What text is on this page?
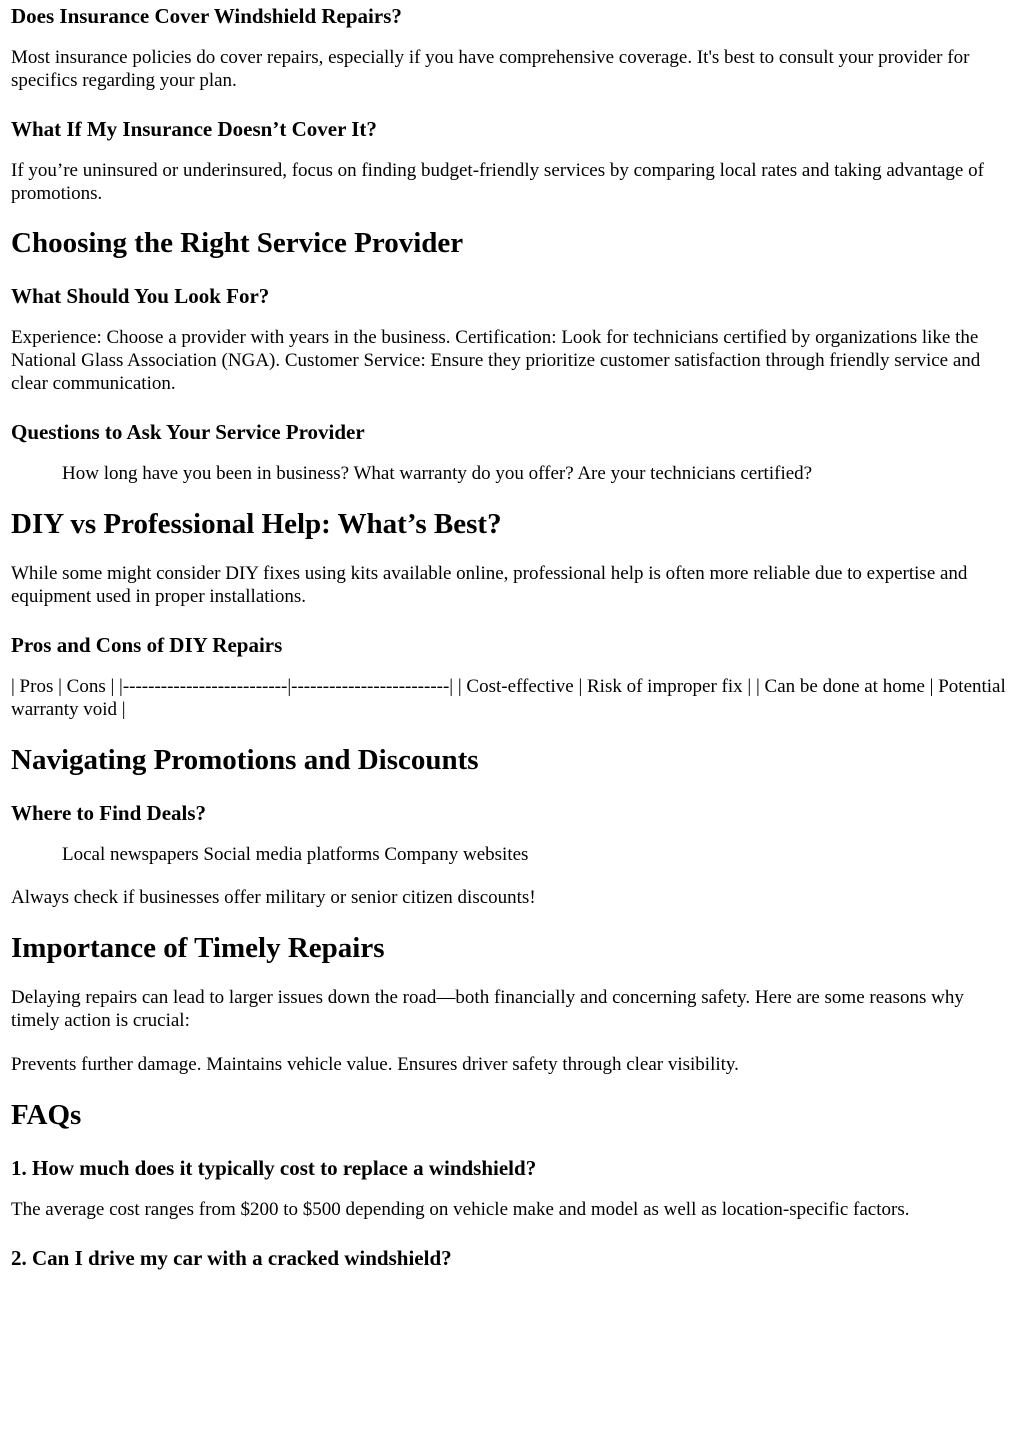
Does Insurance Cover Windshield Repairs?

Most insurance policies do cover repairs, especially if you have comprehensive coverage. It's best to consult your provider for specifics regarding your plan.

What If My Insurance Doesn’t Cover It?

If you’re uninsured or underinsured, focus on finding budget-friendly services by comparing local rates and taking advantage of promotions.

Choosing the Right Service Provider
What Should You Look For?

Experience: Choose a provider with years in the business. Certification: Look for technicians certified by organizations like the National Glass Association (NGA). Customer Service: Ensure they prioritize customer satisfaction through friendly service and clear communication.

Questions to Ask Your Service Provider
How long have you been in business? What warranty do you offer? Are your technicians certified?
DIY vs Professional Help: What’s Best?

While some might consider DIY fixes using kits available online, professional help is often more reliable due to expertise and equipment used in proper installations.

Pros and Cons of DIY Repairs

| Pros | Cons | |--------------------------|-------------------------| | Cost-effective | Risk of improper fix | | Can be done at home | Potential warranty void |

Navigating Promotions and Discounts
Where to Find Deals?
Local newspapers Social media platforms Company websites

Always check if businesses offer military or senior citizen discounts!

Importance of Timely Repairs

Delaying repairs can lead to larger issues down the road—both financially and concerning safety. Here are some reasons why timely action is crucial:

Prevents further damage. Maintains vehicle value. Ensures driver safety through clear visibility.

FAQs
1. How much does it typically cost to replace a windshield?

The average cost ranges from $200 to $500 depending on vehicle make and model as well as location-specific factors.

2. Can I drive my car with a cracked windshield?
